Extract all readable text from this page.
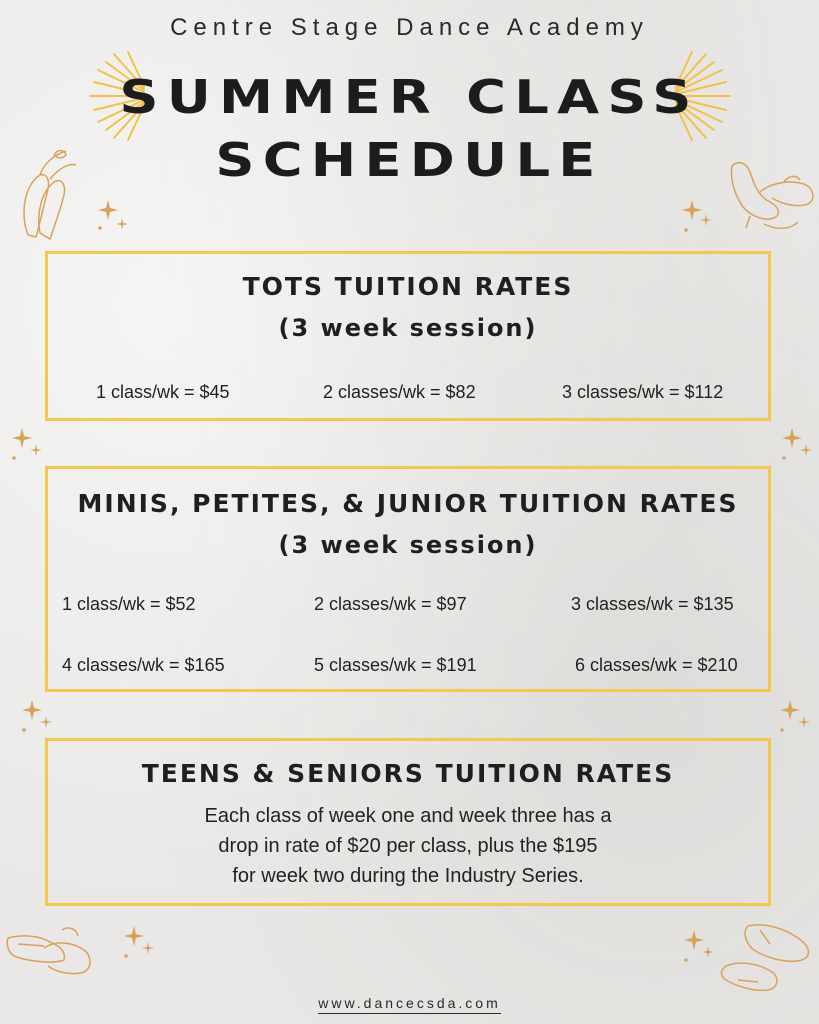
Centre Stage Dance Academy
SUMMER CLASS
SCHEDULE
TOTS TUITION RATES
(3 week session)
1 class/wk = $45	2 classes/wk = $82	3 classes/wk = $112
MINIS, PETITES, & JUNIOR TUITION RATES
(3 week session)
1 class/wk = $52	2 classes/wk = $97	3 classes/wk = $135
4 classes/wk = $165	5 classes/wk = $191	6 classes/wk = $210
TEENS & SENIORS TUITION RATES
Each class of week one and week three has a
drop in rate of $20 per class, plus the $195
for week two during the Industry Series.
www.dancecsda.com
